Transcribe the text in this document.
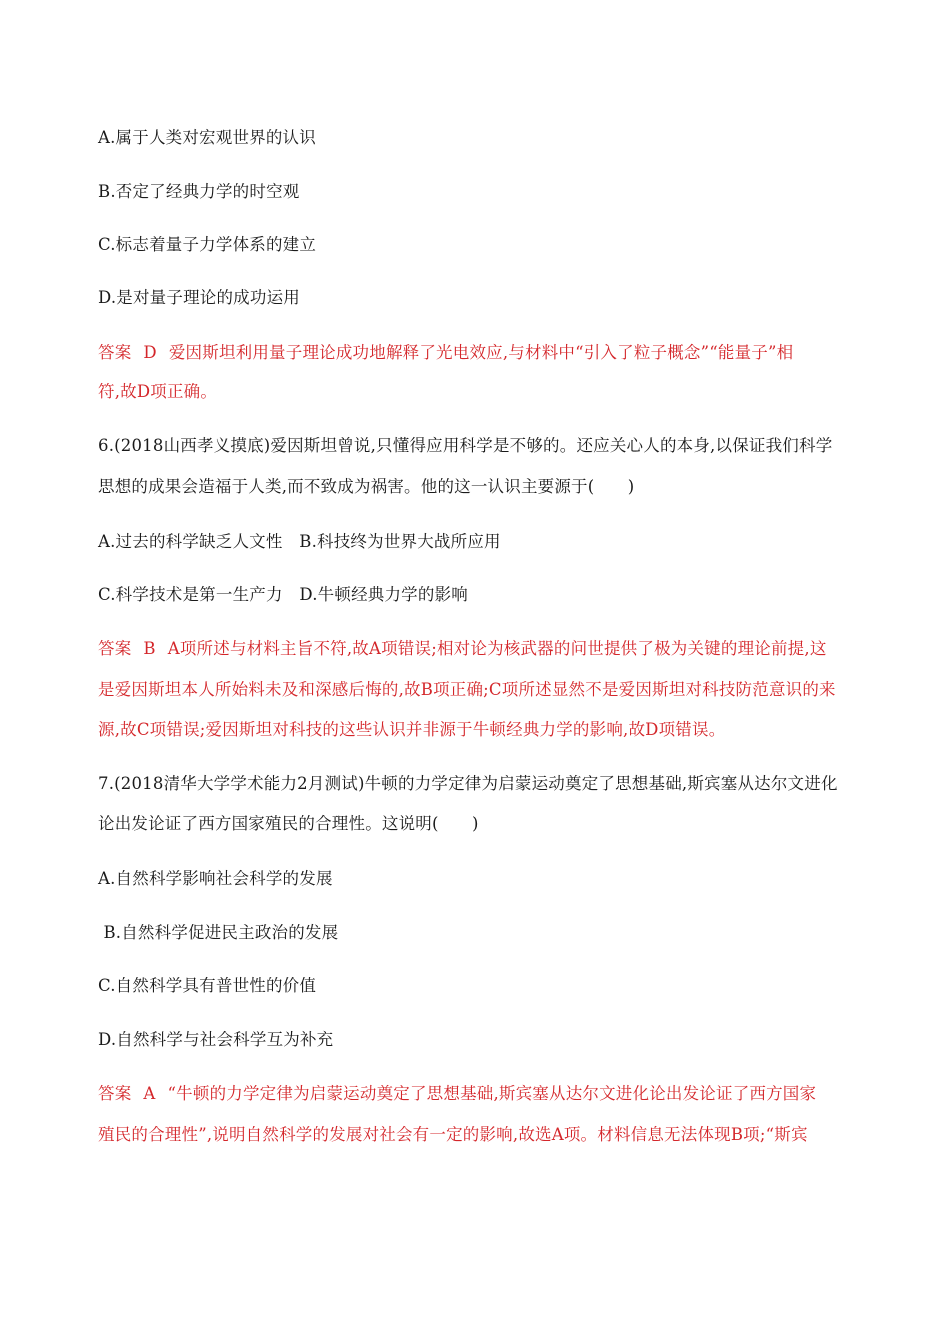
A.属于人类对宏观世界的认识
B.否定了经典力学的时空观
C.标志着量子力学体系的建立
D.是对量子理论的成功运用
答案 D 爱因斯坦利用量子理论成功地解释了光电效应,与材料中“引入了粒子概念”“能量子”相
符,故D项正确。
6.(2018山西孝义摸底)爱因斯坦曾说,只懂得应用科学是不够的。还应关心人的本身,以保证我们科学
思想的成果会造福于人类,而不致成为祸害。他的这一认识主要源于(　　)
A.过去的科学缺乏人文性　B.科技终为世界大战所应用
C.科学技术是第一生产力　D.牛顿经典力学的影响
答案 B A项所述与材料主旨不符,故A项错误;相对论为核武器的问世提供了极为关键的理论前提,这
是爱因斯坦本人所始料未及和深感后悔的,故B项正确;C项所述显然不是爱因斯坦对科技防范意识的来
源,故C项错误;爱因斯坦对科技的这些认识并非源于牛顿经典力学的影响,故D项错误。
7.(2018清华大学学术能力2月测试)牛顿的力学定律为启蒙运动奠定了思想基础,斯宾塞从达尔文进化
论出发论证了西方国家殖民的合理性。这说明(　　)
A.自然科学影响社会科学的发展
B.自然科学促进民主政治的发展
C.自然科学具有普世性的价值
D.自然科学与社会科学互为补充
答案 A “牛顿的力学定律为启蒙运动奠定了思想基础,斯宾塞从达尔文进化论出发论证了西方国家
殖民的合理性”,说明自然科学的发展对社会有一定的影响,故选A项。材料信息无法体现B项;“斯宾
